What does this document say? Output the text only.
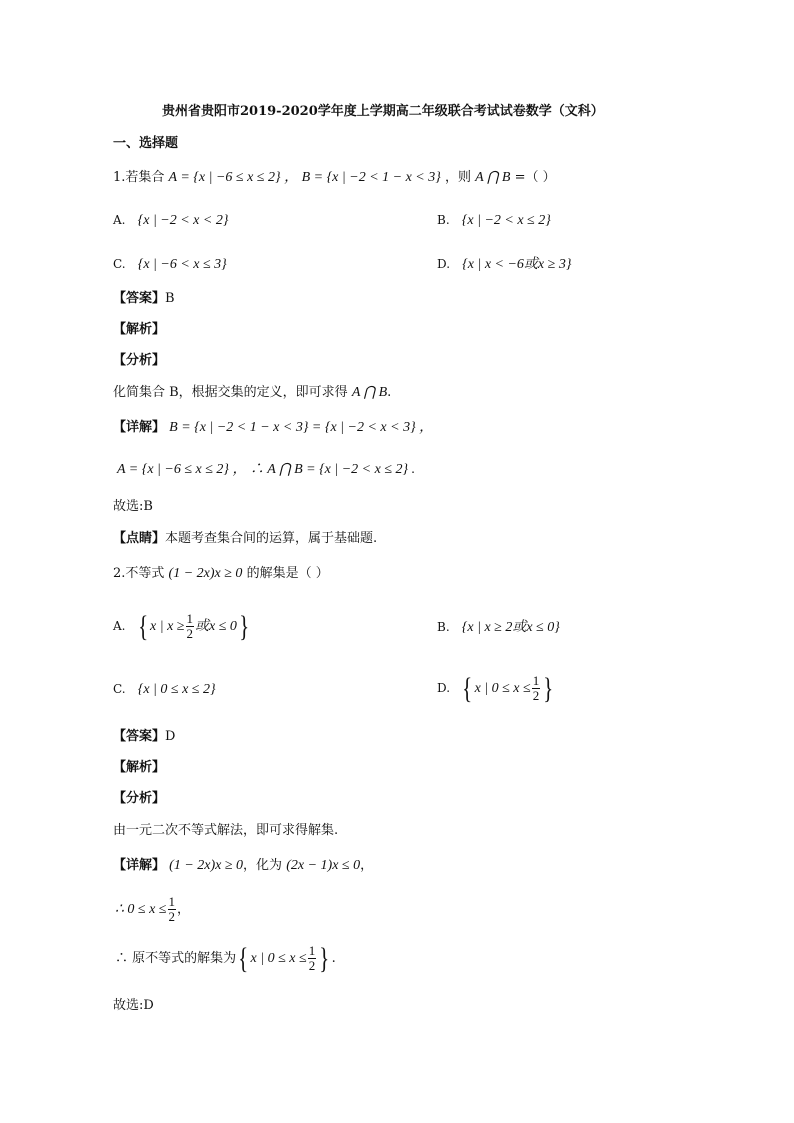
贵州省贵阳市2019-2020学年度上学期高二年级联合考试试卷数学（文科）
一、选择题
1.若集合 A = {x | −6 ≤ x ≤ 2} ， B = {x | −2 < 1 − x < 3} ，则 A ⋂ B =（ ）
A. {x | −2 < x < 2}	B. {x | −2 < x ≤ 2}
C. {x | −6 < x ≤ 3}	D. {x | x < −6或x ≥ 3}
【答案】B
【解析】
【分析】
化简集合 B，根据交集的定义，即可求得 A ⋂ B.
【详解】 B = {x | −2 < 1 − x < 3} = {x | −2 < x < 3} ，
A = {x | −6 ≤ x ≤ 2} ， ∴ A ⋂ B = {x | −2 < x ≤ 2} .
故选:B
【点睛】本题考查集合间的运算，属于基础题.
2.不等式 (1 − 2x)x ≥ 0 的解集是（ ）
A. { x | $x \ge \frac{1}{2}$ 或x ≤ 0}	B. {x | x ≥ 2或x ≤ 0}
C. {x | 0 ≤ x ≤ 2}	D. { x | $0 \le x \le \frac{1}{2}$ }
【答案】D
【解析】
【分析】
由一元二次不等式解法，即可求得解集.
【详解】 (1 − 2x)x ≥ 0，化为 (2x − 1)x ≤ 0，
∴ $0 \le x \le \frac{1}{2}$ ，
∴ 原不等式的解集为{ x | $0 \le x \le \frac{1}{2}$ } .
故选:D
